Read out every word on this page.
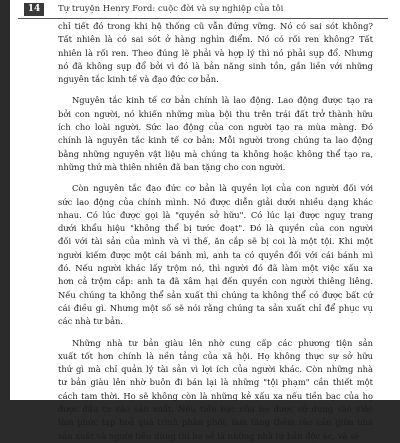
14	Tự truyện Henry Ford: cuộc đời và sự nghiệp của tôi
chỉ tiết đó trong khi hệ thống cũ vẫn đứng vững. Nó có sai sót không?
Tất nhiên là có sai sót ở hàng nghìn điểm. Nó có rối ren không? Tất
nhiên là rối ren. Theo đúng lẽ phải và hợp lý thì nó phải sụp đổ. Nhưng
nó đã không sụp đổ bởi vì đó là bản năng sinh tồn, gắn liền với những
nguyên tắc kinh tế và đạo đức cơ bản.
Nguyên tắc kinh tế cơ bản chính là lao động. Lao động được tạo ra
bởi con người, nó khiến những mùa bội thu trên trái đất trở thành hữu
ích cho loài người. Sức lao động của con người tạo ra mùa màng. Đó
chính là nguyên tắc kinh tế cơ bản: Mỗi người trong chúng ta lao động
bằng những nguyên vật liệu mà chúng ta không hoặc không thể tạo ra,
những thứ mà thiên nhiên đã ban tặng cho con người.
Còn nguyên tắc đạo đức cơ bản là quyền lợi của con người đối với
sức lao động của chính mình. Nó được diễn giải dưới nhiều dạng khác
nhau. Có lúc được gọi là "quyền sở hữu". Có lúc lại được nguỵ trang
dưới khẩu hiệu "không thể bị tước đoạt". Đó là quyền của con người
đối với tài sản của mình và vì thế, ăn cắp sẽ bị coi là một tội. Khi một
người kiếm được một cái bánh mì, anh ta có quyền đối với cái bánh mì
đó. Nếu người khác lấy trộm nó, thì người đó đã làm một việc xấu xa
hơn cả trộm cắp: anh ta đã xâm hại đến quyền con người thiêng liêng.
Nếu chúng ta không thể sản xuất thì chúng ta không thể có được bất cứ
cái điều gì. Nhưng một số sẽ nói rằng chúng ta sản xuất chỉ để phục vụ
các nhà tư bản.
Những nhà tư bản giàu lên nhờ cung cấp các phương tiện sản
xuất tốt hơn chính là nền tảng của xã hội. Họ không thực sự sở hữu
thứ gì mà chỉ quản lý tài sản vì lợi ích của người khác. Còn những nhà
tư bản giàu lên nhờ buôn đi bán lại là những "tội phạm" cần thiết một
cách tạm thời. Họ sẽ không còn là những kẻ xấu xa nếu tiền bạc của họ
được đầu tư vào sản xuất. Nếu tiền bạc của họ được sử dụng vào việc
làm phức tạp hoá quá trình phân phối, làm tăng thêm rào cản giữa nhà
sản xuất và người tiêu dùng thì họ sẽ là những nhà tư bản độc ác, và sẽ
